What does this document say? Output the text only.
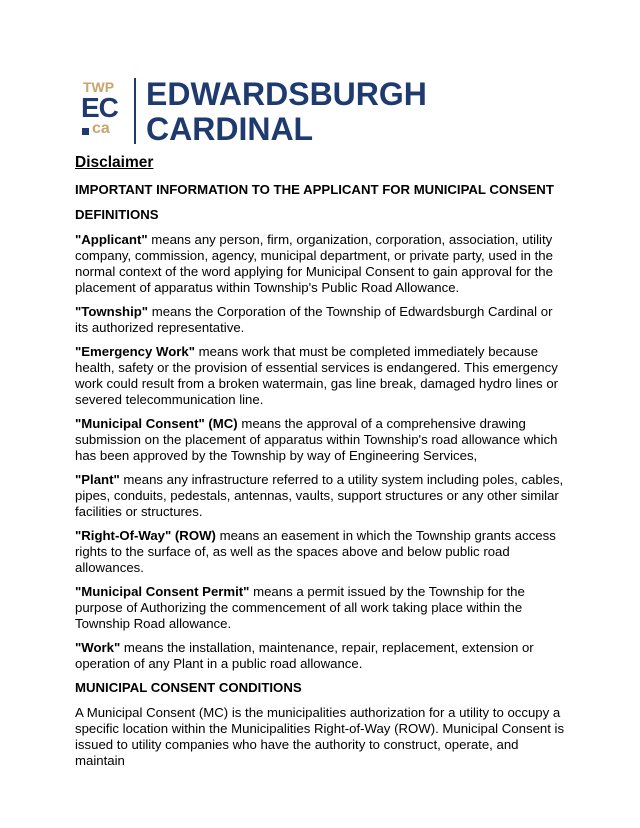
TWP
EC
ca
EDWARDSBURGH
CARDINAL
Disclaimer
IMPORTANT INFORMATION TO THE APPLICANT FOR MUNICIPAL CONSENT
DEFINITIONS

"Applicant" means any person, firm, organization, corporation, association, utility company, commission, agency, municipal department, or private party, used in the normal context of the word applying for Municipal Consent to gain approval for the placement of apparatus within Township's Public Road Allowance.

"Township" means the Corporation of the Township of Edwardsburgh Cardinal or its authorized representative.

"Emergency Work" means work that must be completed immediately because health, safety or the provision of essential services is endangered. This emergency work could result from a broken watermain, gas line break, damaged hydro lines or severed telecommunication line.

"Municipal Consent" (MC) means the approval of a comprehensive drawing submission on the placement of apparatus within Township's road allowance which has been approved by the Township by way of Engineering Services,

"Plant" means any infrastructure referred to a utility system including poles, cables, pipes, conduits, pedestals, antennas, vaults, support structures or any other similar facilities or structures.

"Right-Of-Way" (ROW) means an easement in which the Township grants access rights to the surface of, as well as the spaces above and below public road allowances.

"Municipal Consent Permit" means a permit issued by the Township for the purpose of Authorizing the commencement of all work taking place within the Township Road allowance.

"Work" means the installation, maintenance, repair, replacement, extension or operation of any Plant in a public road allowance.

MUNICIPAL CONSENT CONDITIONS

A Municipal Consent (MC) is the municipalities authorization for a utility to occupy a specific location within the Municipalities Right-of-Way (ROW). Municipal Consent is issued to utility companies who have the authority to construct, operate, and maintain
